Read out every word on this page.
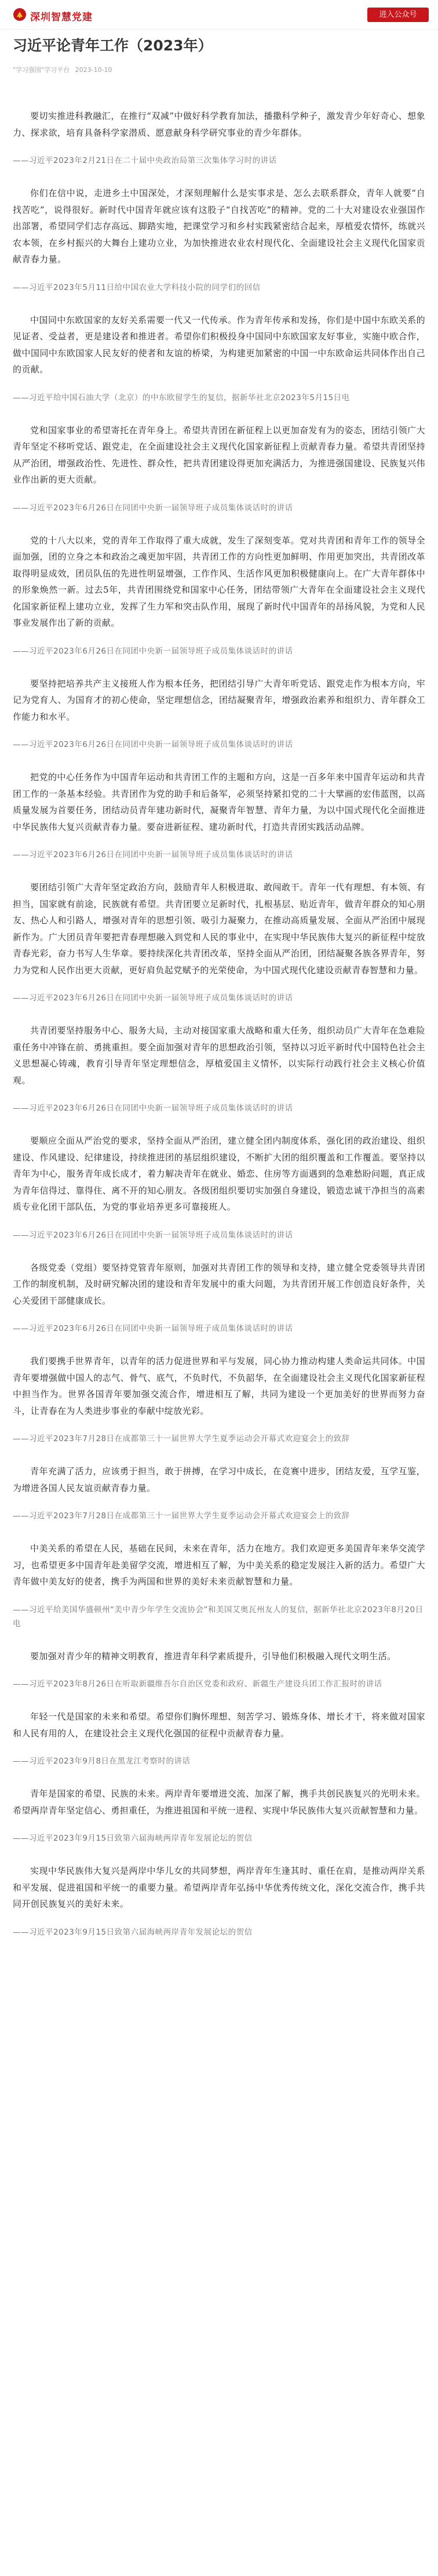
深圳智慧党建	进入公众号
习近平论青年工作（2023年）
"学习强国"学习平台 2023-10-10

要切实推进科教融汇，在推行“双减”中做好科学教育加法，播撒科学种子，激发青少年好奇心、想象力、探求欲，培育具备科学家潜质、愿意献身科学研究事业的青少年群体。

——习近平2023年2月21日在二十届中央政治局第三次集体学习时的讲话

你们在信中说，走进乡土中国深处，才深刻理解什么是实事求是、怎么去联系群众，青年人就要“自找苦吃”，说得很好。新时代中国青年就应该有这股子“自找苦吃”的精神。党的二十大对建设农业强国作出部署，希望同学们志存高远、脚踏实地，把课堂学习和乡村实践紧密结合起来，厚植爱农情怀，练就兴农本领，在乡村振兴的大舞台上建功立业，为加快推进农业农村现代化、全面建设社会主义现代化国家贡献青春力量。

——习近平2023年5月11日给中国农业大学科技小院的同学们的回信

中国同中东欧国家的友好关系需要一代又一代传承。作为青年传承和发扬，你们是中国中东欧关系的见证者、受益者，更是建设者和推进者。希望你们积极投身中国同中东欧国家友好事业，实施中欧合作，做中国同中东欧国家人民友好的使者和友谊的桥梁，为构建更加紧密的中国一中东欧命运共同体作出自己的贡献。

——习近平给中国石油大学（北京）的中东欧留学生的复信，据新华社北京2023年5月15日电

党和国家事业的希望寄托在青年身上。希望共青团在新征程上以更加奋发有为的姿态，团结引领广大青年坚定不移听党话、跟党走，在全面建设社会主义现代化国家新征程上贡献青春力量。希望共青团坚持从严治团，增强政治性、先进性、群众性，把共青团建设得更加充满活力，为推进强国建设、民族复兴伟业作出新的更大贡献。

——习近平2023年6月26日在同团中央新一届领导班子成员集体谈话时的讲话

党的十八大以来，党的青年工作取得了重大成就，发生了深刻变革。党对共青团和青年工作的领导全面加强，团的立身之本和政治之魂更加牢固，共青团工作的方向性更加鲜明、作用更加突出，共青团改革取得明显成效，团员队伍的先进性明显增强，工作作风、生活作风更加积极健康向上。在广大青年群体中的形象焕然一新。过去5年，共青团围绕党和国家中心任务，团结带领广大青年在全面建设社会主义现代化国家新征程上建功立业，发挥了生力军和突击队作用，展现了新时代中国青年的昂扬风貌，为党和人民事业发展作出了新的贡献。

——习近平2023年6月26日在同团中央新一届领导班子成员集体谈话时的讲话

要坚持把培养共产主义接班人作为根本任务，把团结引导广大青年听党话、跟党走作为根本方向，牢记为党育人、为国育才的初心使命，坚定理想信念，团结凝聚青年，增强政治素养和组织力、青年群众工作能力和水平。

——习近平2023年6月26日在同团中央新一届领导班子成员集体谈话时的讲话

把党的中心任务作为中国青年运动和共青团工作的主题和方向，这是一百多年来中国青年运动和共青团工作的一条基本经验。共青团作为党的助手和后备军，必须坚持紧扣党的二十大擘画的宏伟蓝图，以高质量发展为首要任务，团结动员青年建功新时代，凝聚青年智慧、青年力量，为以中国式现代化全面推进中华民族伟大复兴贡献青春力量。要奋进新征程、建功新时代，打造共青团实践活动品牌。

——习近平2023年6月26日在同团中央新一届领导班子成员集体谈话时的讲话

要团结引领广大青年坚定政治方向，鼓励青年人积极进取、敢闯敢干。青年一代有理想、有本领、有担当，国家就有前途，民族就有希望。共青团要立足新时代，扎根基层、贴近青年，做青年群众的知心朋友、热心人和引路人，增强对青年的思想引领、吸引力凝聚力，在推动高质量发展、全面从严治团中展现新作为。广大团员青年要把青春理想融入到党和人民的事业中，在实现中华民族伟大复兴的新征程中绽放青春光彩，奋力书写人生华章。要持续深化共青团改革，坚持全面从严治团，团结凝聚各族各界青年，努力为党和人民作出更大贡献，更好肩负起党赋予的光荣使命，为中国式现代化建设贡献青春智慧和力量。

——习近平2023年6月26日在同团中央新一届领导班子成员集体谈话时的讲话

共青团要坚持服务中心、服务大局，主动对接国家重大战略和重大任务，组织动员广大青年在急难险重任务中冲锋在前、勇挑重担。要全面加强对青年的思想政治引领，坚持以习近平新时代中国特色社会主义思想凝心铸魂，教育引导青年坚定理想信念，厚植爱国主义情怀，以实际行动践行社会主义核心价值观。

——习近平2023年6月26日在同团中央新一届领导班子成员集体谈话时的讲话

要顺应全面从严治党的要求，坚持全面从严治团，建立健全团内制度体系，强化团的政治建设、组织建设、作风建设、纪律建设，持续推进团的基层组织建设，不断扩大团的组织覆盖和工作覆盖。要坚持以青年为中心，服务青年成长成才，着力解决青年在就业、婚恋、住房等方面遇到的急难愁盼问题，真正成为青年信得过、靠得住、离不开的知心朋友。各级团组织要切实加强自身建设，锻造忠诚干净担当的高素质专业化团干部队伍，为党的事业培养更多可靠接班人。

——习近平2023年6月26日在同团中央新一届领导班子成员集体谈话时的讲话

各级党委（党组）要坚持党管青年原则，加强对共青团工作的领导和支持，建立健全党委领导共青团工作的制度机制，及时研究解决团的建设和青年发展中的重大问题，为共青团开展工作创造良好条件，关心关爱团干部健康成长。

——习近平2023年6月26日在同团中央新一届领导班子成员集体谈话时的讲话

我们要携手世界青年，以青年的活力促进世界和平与发展，同心协力推动构建人类命运共同体。中国青年要增强做中国人的志气、骨气、底气，不负时代，不负韶华，在全面建设社会主义现代化国家新征程中担当作为。世界各国青年要加强交流合作，增进相互了解，共同为建设一个更加美好的世界而努力奋斗，让青春在为人类进步事业的奉献中绽放光彩。

——习近平2023年7月28日在成都第三十一届世界大学生夏季运动会开幕式欢迎宴会上的致辞

青年充满了活力，应该勇于担当，敢于拼搏，在学习中成长，在竞赛中进步，团结友爱，互学互鉴，为增进各国人民友谊贡献青春力量。

——习近平2023年7月28日在成都第三十一届世界大学生夏季运动会开幕式欢迎宴会上的致辞

中美关系的希望在人民，基础在民间，未来在青年，活力在地方。我们欢迎更多美国青年来华交流学习，也希望更多中国青年赴美留学交流，增进相互了解，为中美关系的稳定发展注入新的活力。希望广大青年做中美友好的使者，携手为两国和世界的美好未来贡献智慧和力量。

——习近平给美国华盛顿州“美中青少年学生交流协会”和美国艾奥瓦州友人的复信，据新华社北京2023年8月20日电

要加强对青少年的精神文明教育，推进青年科学素质提升，引导他们积极融入现代文明生活。

——习近平2023年8月26日在听取新疆维吾尔自治区党委和政府、新疆生产建设兵团工作汇报时的讲话

年轻一代是国家的未来和希望。希望你们胸怀理想、刻苦学习、锻炼身体、增长才干，将来做对国家和人民有用的人，在建设社会主义现代化强国的征程中贡献青春力量。

——习近平2023年9月8日在黑龙江考察时的讲话

青年是国家的希望、民族的未来。两岸青年要增进交流、加深了解，携手共创民族复兴的光明未来。希望两岸青年坚定信心、勇担重任，为推进祖国和平统一进程、实现中华民族伟大复兴贡献智慧和力量。

——习近平2023年9月15日致第六届海峡两岸青年发展论坛的贺信

实现中华民族伟大复兴是两岸中华儿女的共同梦想，两岸青年生逢其时、重任在肩，是推动两岸关系和平发展、促进祖国和平统一的重要力量。希望两岸青年弘扬中华优秀传统文化，深化交流合作，携手共同开创民族复兴的美好未来。

——习近平2023年9月15日致第六届海峡两岸青年发展论坛的贺信
